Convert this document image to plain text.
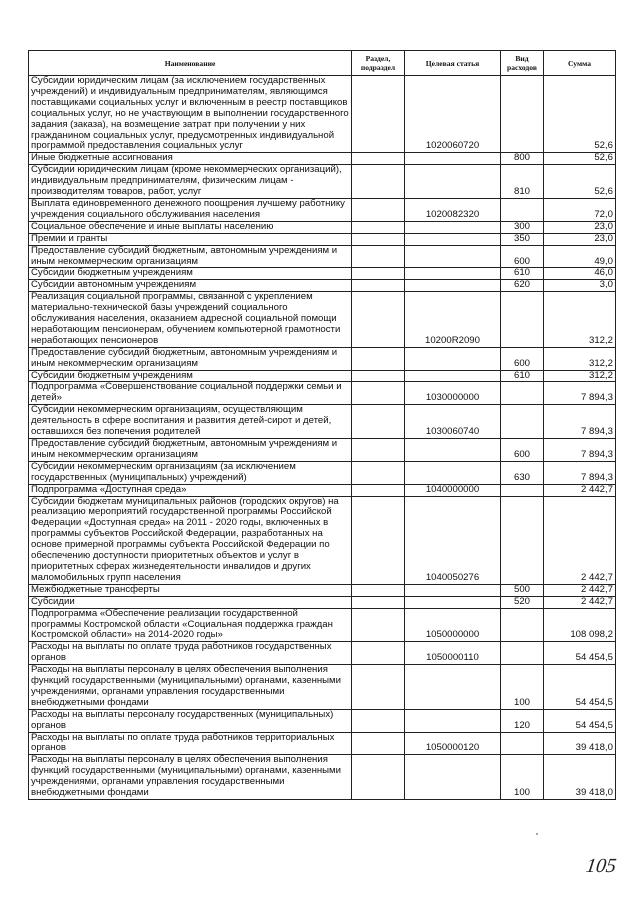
Наименование	Раздел, подраздел	Целевая статья	Вид расходов	Сумма
Субсидии юридическим лицам (за исключением государственных учреждений) и индивидуальным предпринимателям, являющимся поставщиками социальных услуг и включенным в реестр поставщиков социальных услуг, но не участвующим в выполнении государственного задания (заказа), на возмещение затрат при получении у них гражданином социальных услуг, предусмотренных индивидуальной программой предоставления социальных услуг		1020060720		52,6
Иные бюджетные ассигнования			800	52,6
Субсидии юридическим лицам (кроме некоммерческих организаций), индивидуальным предпринимателям, физическим лицам - производителям товаров, работ, услуг			810	52,6
Выплата единовременного денежного поощрения лучшему работнику учреждения социального обслуживания населения		1020082320		72,0
Социальное обеспечение и иные выплаты населению			300	23,0
Премии и гранты			350	23,0
Предоставление субсидий бюджетным, автономным учреждениям и иным некоммерческим организациям			600	49,0
Субсидии бюджетным учреждениям			610	46,0
Субсидии автономным учреждениям			620	3,0
Реализация социальной программы, связанной с укреплением материально-технической базы учреждений социального обслуживания населения, оказанием адресной социальной помощи неработающим пенсионерам, обучением компьютерной грамотности неработающих пенсионеров		10200R2090		312,2
Предоставление субсидий бюджетным, автономным учреждениям и иным некоммерческим организациям			600	312,2
Субсидии бюджетным учреждениям			610	312,2
Подпрограмма «Совершенствование социальной поддержки семьи и детей»		1030000000		7 894,3
Субсидии некоммерческим организациям, осуществляющим деятельность в сфере воспитания и развития детей-сирот и детей, оставшихся без попечения родителей		1030060740		7 894,3
Предоставление субсидий бюджетным, автономным учреждениям и иным некоммерческим организациям			600	7 894,3
Субсидии некоммерческим организациям (за исключением государственных (муниципальных) учреждений)			630	7 894,3
Подпрограмма «Доступная среда»		1040000000		2 442,7
Субсидии бюджетам муниципальных районов (городских округов) на реализацию мероприятий государственной программы Российской Федерации «Доступная среда» на 2011 - 2020 годы, включенных в программы субъектов Российской Федерации, разработанных на основе примерной программы субъекта Российской Федерации по обеспечению доступности приоритетных объектов и услуг в приоритетных сферах жизнедеятельности инвалидов и других маломобильных групп населения		1040050276		2 442,7
Межбюджетные трансферты			500	2 442,7
Субсидии			520	2 442,7
Подпрограмма «Обеспечение реализации государственной программы Костромской области «Социальная поддержка граждан Костромской области» на 2014-2020 годы»		1050000000		108 098,2
Расходы на выплаты по оплате труда работников государственных органов		1050000110		54 454,5
Расходы на выплаты персоналу в целях обеспечения выполнения функций государственными (муниципальными) органами, казенными учреждениями, органами управления государственными внебюджетными фондами			100	54 454,5
Расходы на выплаты персоналу государственных (муниципальных) органов			120	54 454,5
Расходы на выплаты по оплате труда работников территориальных органов		1050000120		39 418,0
Расходы на выплаты персоналу в целях обеспечения выполнения функций государственными (муниципальными) органами, казенными учреждениями, органами управления государственными внебюджетными фондами			100	39 418,0
105
